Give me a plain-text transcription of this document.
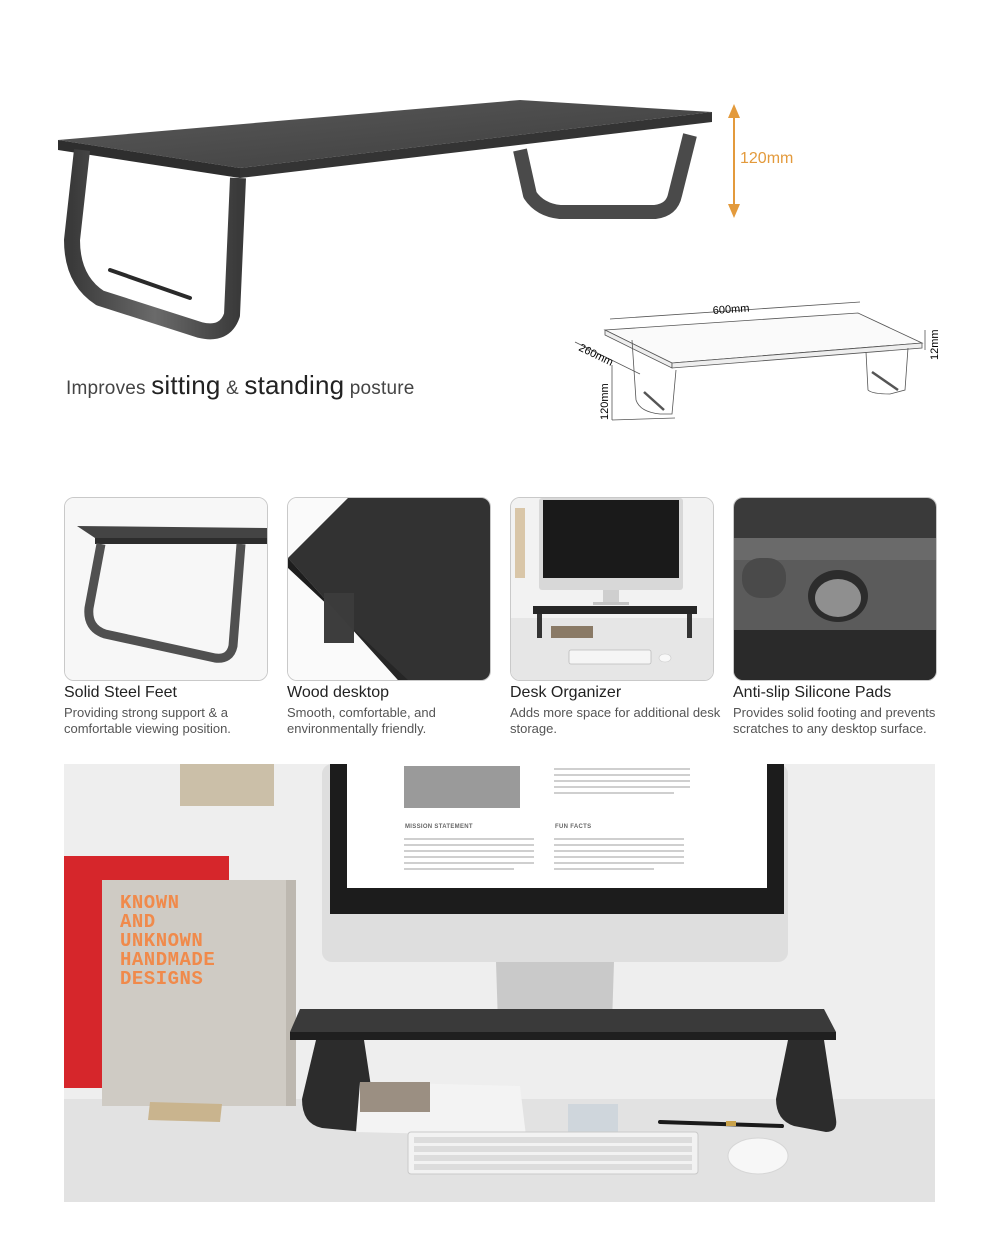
600mm
260mm
120mm
12mm
120mm
Improves sitting & standing posture
Solid Steel Feet
Providing strong support & a comfortable viewing position.
Wood desktop
Smooth, comfortable, and environmentally friendly.
Desk Organizer
Adds more space for additional desk storage.
Anti-slip Silicone Pads
Provides solid footing and prevents scratches to any desktop surface.
MISSION STATEMENT	FUN FACTS
KNOWN
AND
UNKNOWN
HANDMADE
DESIGNS
